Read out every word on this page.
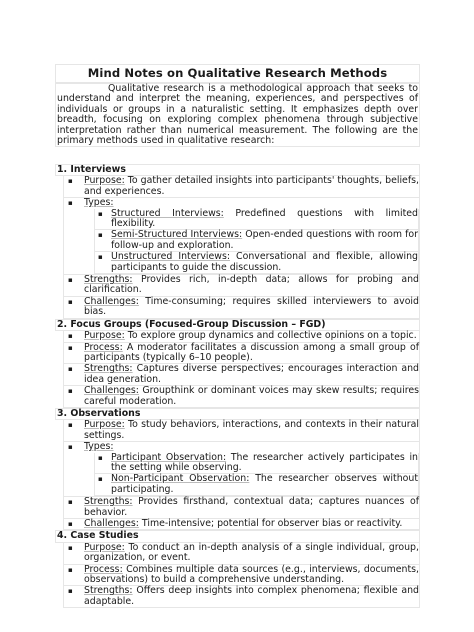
Mind Notes on Qualitative Research Methods

Qualitative research is a methodological approach that seeks to understand and interpret the meaning, experiences, and perspectives of individuals or groups in a naturalistic setting. It emphasizes depth over breadth, focusing on exploring complex phenomena through subjective interpretation rather than numerical measurement. The following are the primary methods used in qualitative research:

1. Interviews
▪ Purpose: To gather detailed insights into participants' thoughts, beliefs, and experiences.
▪ Types:
▪ Structured Interviews: Predefined questions with limited flexibility.
▪ Semi-Structured Interviews: Open-ended questions with room for follow-up and exploration.
▪ Unstructured Interviews: Conversational and flexible, allowing participants to guide the discussion.
▪ Strengths: Provides rich, in-depth data; allows for probing and clarification.
▪ Challenges: Time-consuming; requires skilled interviewers to avoid bias.
2. Focus Groups (Focused-Group Discussion – FGD)
▪ Purpose: To explore group dynamics and collective opinions on a topic.
▪ Process: A moderator facilitates a discussion among a small group of participants (typically 6–10 people).
▪ Strengths: Captures diverse perspectives; encourages interaction and idea generation.
▪ Challenges: Groupthink or dominant voices may skew results; requires careful moderation.
3. Observations
▪ Purpose: To study behaviors, interactions, and contexts in their natural settings.
▪ Types:
▪ Participant Observation: The researcher actively participates in the setting while observing.
▪ Non-Participant Observation: The researcher observes without participating.
▪ Strengths: Provides firsthand, contextual data; captures nuances of behavior.
▪ Challenges: Time-intensive; potential for observer bias or reactivity.
4. Case Studies
▪ Purpose: To conduct an in-depth analysis of a single individual, group, organization, or event.
▪ Process: Combines multiple data sources (e.g., interviews, documents, observations) to build a comprehensive understanding.
▪ Strengths: Offers deep insights into complex phenomena; flexible and adaptable.
